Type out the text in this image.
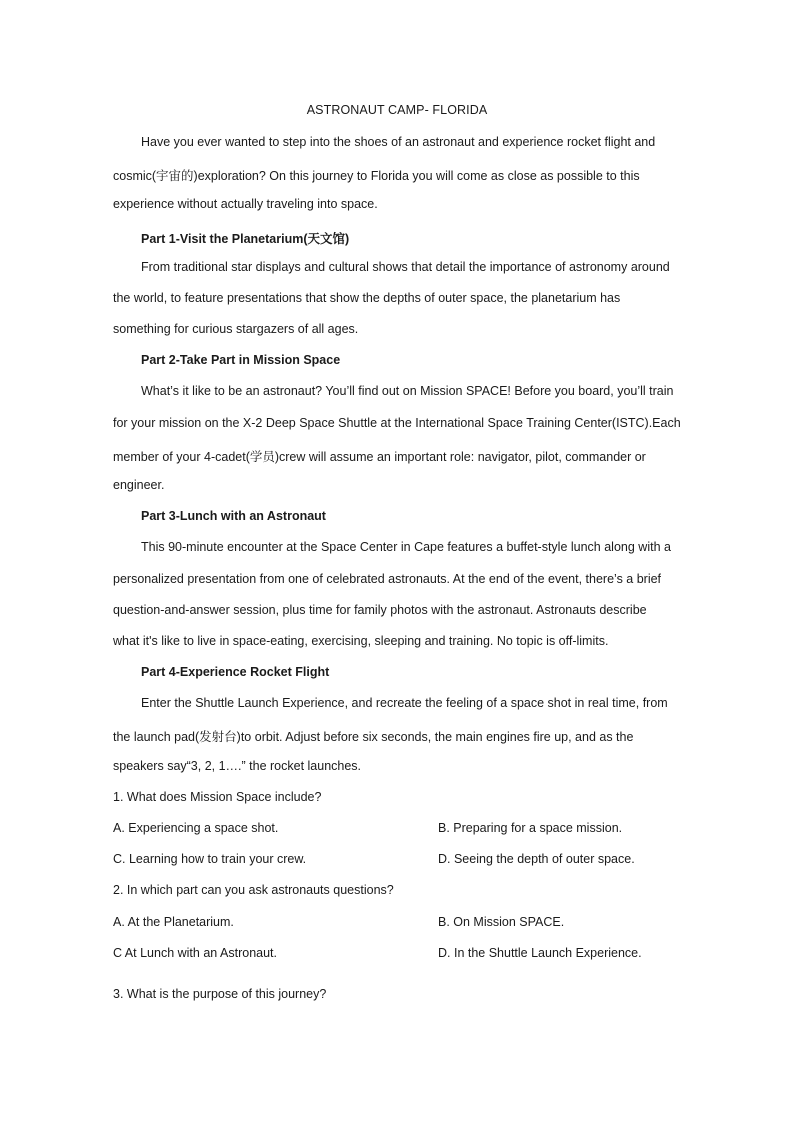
ASTRONAUT CAMP- FLORIDA
Have you ever wanted to step into the shoes of an astronaut and experience rocket flight and
cosmic(宇宙的)exploration? On this journey to Florida you will come as close as possible to this
experience without actually traveling into space.
Part 1-Visit the Planetarium(天文馆)
From traditional star displays and cultural shows that detail the importance of astronomy around
the world, to feature presentations that show the depths of outer space, the planetarium has
something for curious stargazers of all ages.
Part 2-Take Part in Mission Space
What’s it like to be an astronaut? You’ll find out on Mission SPACE! Before you board, you’ll train
for your mission on the X-2 Deep Space Shuttle at the International Space Training Center(ISTC).Each
member of your 4-cadet(学员)crew will assume an important role: navigator, pilot, commander or
engineer.
Part 3-Lunch with an Astronaut
This 90-minute encounter at the Space Center in Cape features a buffet-style lunch along with a
personalized presentation from one of celebrated astronauts. At the end of the event, there’s a brief
question-and-answer session, plus time for family photos with the astronaut. Astronauts describe
what it's like to live in space-eating, exercising, sleeping and training. No topic is off-limits.
Part 4-Experience Rocket Flight
Enter the Shuttle Launch Experience, and recreate the feeling of a space shot in real time, from
the launch pad(发射台)to orbit. Adjust before six seconds, the main engines fire up, and as the
speakers say“3, 2, 1….” the rocket launches.
1. What does Mission Space include?
A. Experiencing a space shot.	B. Preparing for a space mission.
C. Learning how to train your crew.	D. Seeing the depth of outer space.
2. In which part can you ask astronauts questions?
A. At the Planetarium.	B. On Mission SPACE.
C At Lunch with an Astronaut.	D. In the Shuttle Launch Experience.
3. What is the purpose of this journey?
